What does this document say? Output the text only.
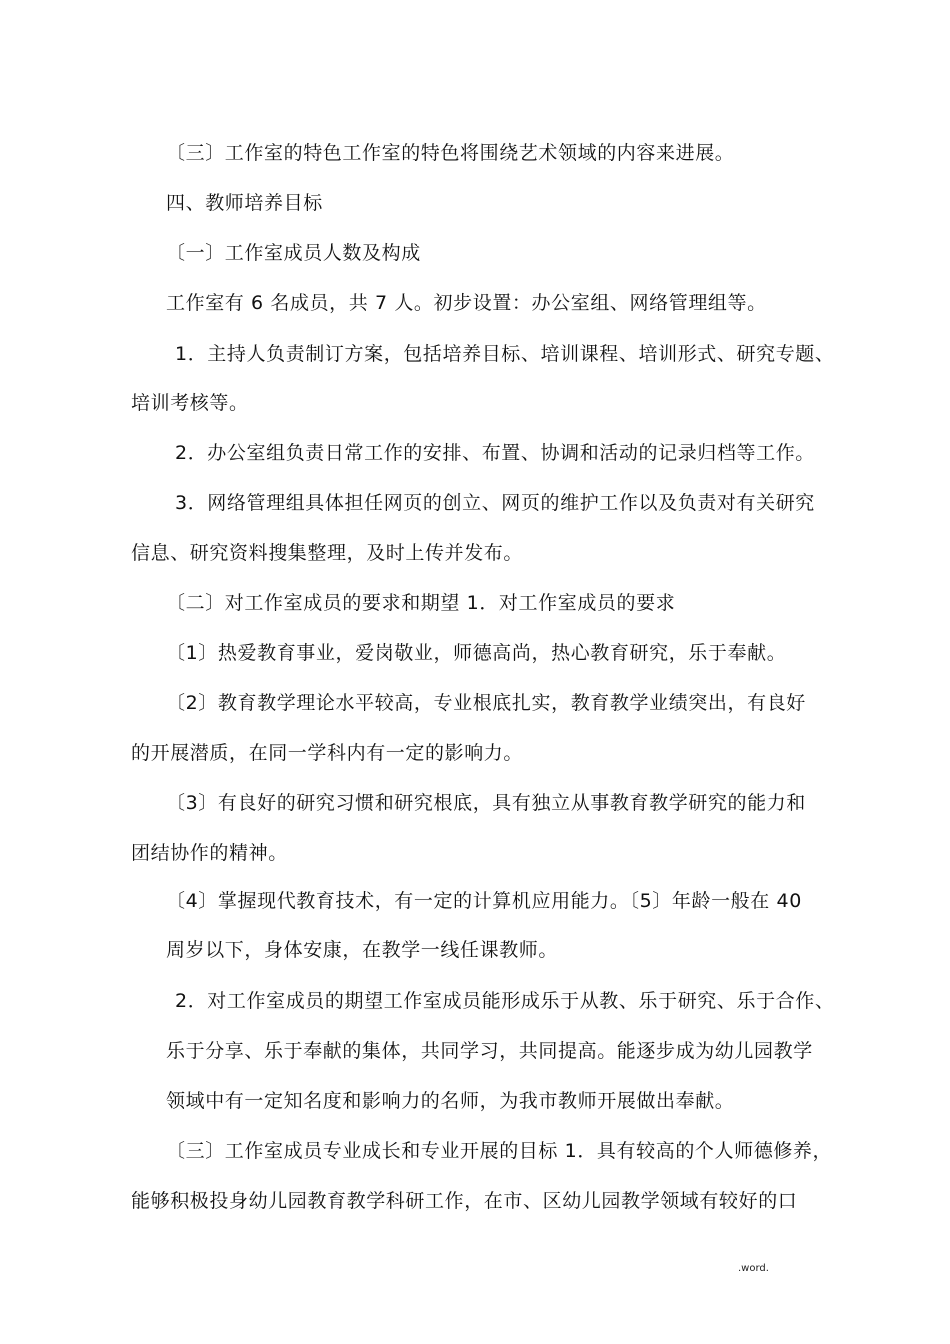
〔三〕工作室的特色工作室的特色将围绕艺术领域的内容来进展。
四、教师培养目标
〔一〕工作室成员人数及构成
工作室有 6 名成员，共 7 人。初步设置：办公室组、网络管理组等。
1．主持人负责制订方案，包括培养目标、培训课程、培训形式、研究专题、
培训考核等。
2．办公室组负责日常工作的安排、布置、协调和活动的记录归档等工作。
3．网络管理组具体担任网页的创立、网页的维护工作以及负责对有关研究
信息、研究资料搜集整理，及时上传并发布。
〔二〕对工作室成员的要求和期望 1．对工作室成员的要求
〔1〕热爱教育事业，爱岗敬业，师德高尚，热心教育研究，乐于奉献。
〔2〕教育教学理论水平较高，专业根底扎实，教育教学业绩突出，有良好
的开展潜质，在同一学科内有一定的影响力。
〔3〕有良好的研究习惯和研究根底，具有独立从事教育教学研究的能力和
团结协作的精神。
〔4〕掌握现代教育技术，有一定的计算机应用能力。〔5〕年龄一般在 40
周岁以下，身体安康，在教学一线任课教师。
2．对工作室成员的期望工作室成员能形成乐于从教、乐于研究、乐于合作、
乐于分享、乐于奉献的集体，共同学习，共同提高。能逐步成为幼儿园教学
领域中有一定知名度和影响力的名师，为我市教师开展做出奉献。
〔三〕工作室成员专业成长和专业开展的目标 1．具有较高的个人师德修养，
能够积极投身幼儿园教育教学科研工作，在市、区幼儿园教学领域有较好的口
.word.
